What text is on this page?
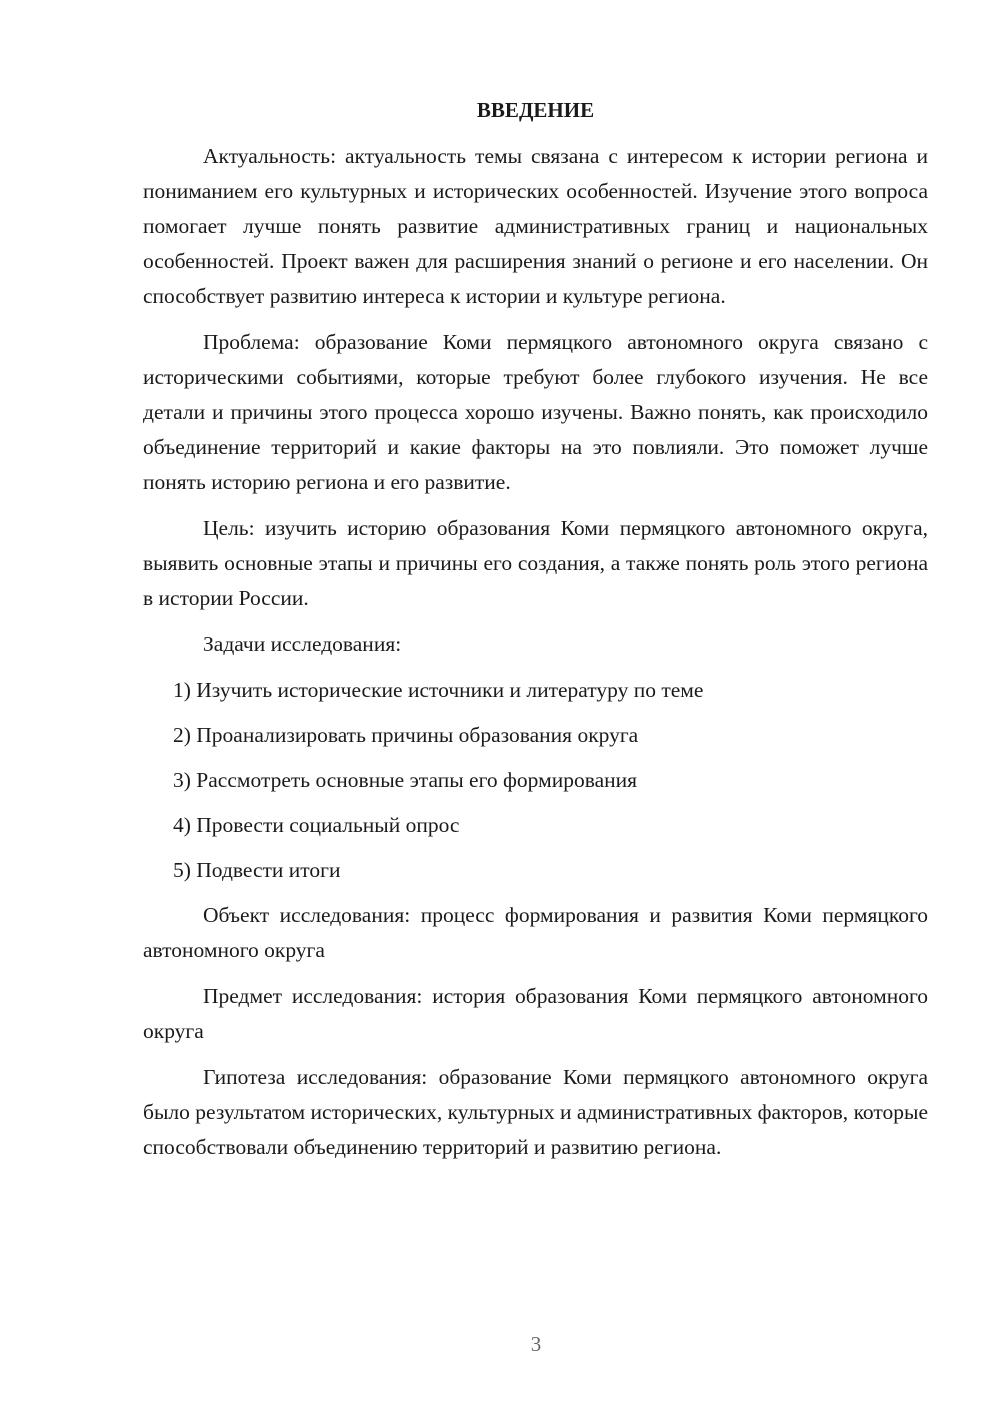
ВВЕДЕНИЕ

Актуальность: актуальность темы связана с интересом к истории региона и пониманием его культурных и исторических особенностей. Изучение этого вопроса помогает лучше понять развитие административных границ и национальных особенностей. Проект важен для расширения знаний о регионе и его населении. Он способствует развитию интереса к истории и культуре региона.

Проблема: образование Коми пермяцкого автономного округа связано с историческими событиями, которые требуют более глубокого изучения. Не все детали и причины этого процесса хорошо изучены. Важно понять, как происходило объединение территорий и какие факторы на это повлияли. Это поможет лучше понять историю региона и его развитие.

Цель: изучить историю образования Коми пермяцкого автономного округа, выявить основные этапы и причины его создания, а также понять роль этого региона в истории России.

Задачи исследования:

1) Изучить исторические источники и литературу по теме
2) Проанализировать причины образования округа
3) Рассмотреть основные этапы его формирования
4) Провести социальный опрос
5) Подвести итоги

Объект исследования: процесс формирования и развития Коми пермяцкого автономного округа

Предмет исследования: история образования Коми пермяцкого автономного округа

Гипотеза исследования: образование Коми пермяцкого автономного округа было результатом исторических, культурных и административных факторов, которые способствовали объединению территорий и развитию региона.

3
